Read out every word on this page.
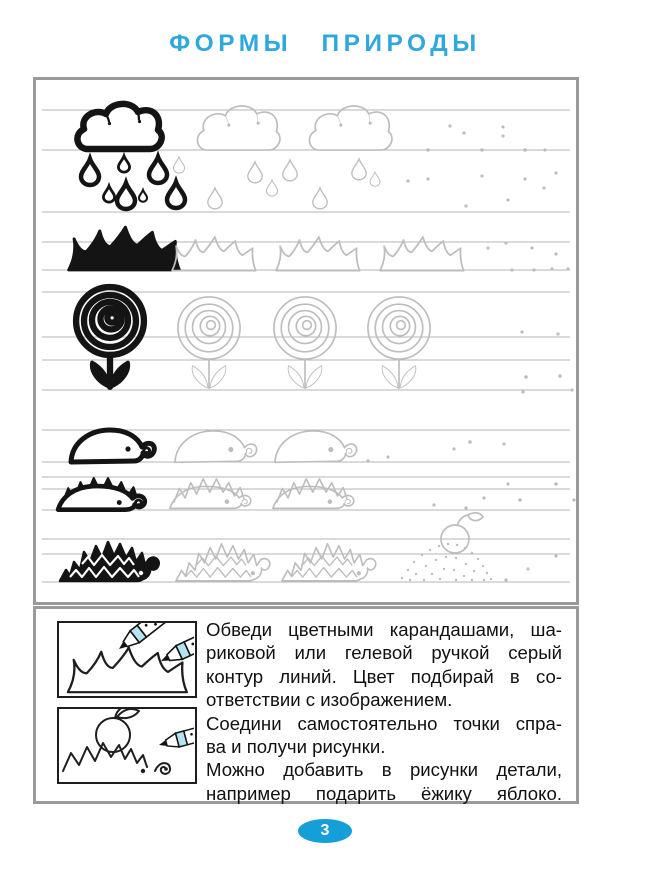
ФОРМЫ ПРИРОДЫ
Обведи цветными карандашами, ша-
риковой или гелевой ручкой серый
контур линий. Цвет подбирай в со-
ответствии с изображением.
Соедини самостоятельно точки спра-
ва и получи рисунки.
Можно добавить в рисунки детали,
например подарить ёжику яблоко.
3
